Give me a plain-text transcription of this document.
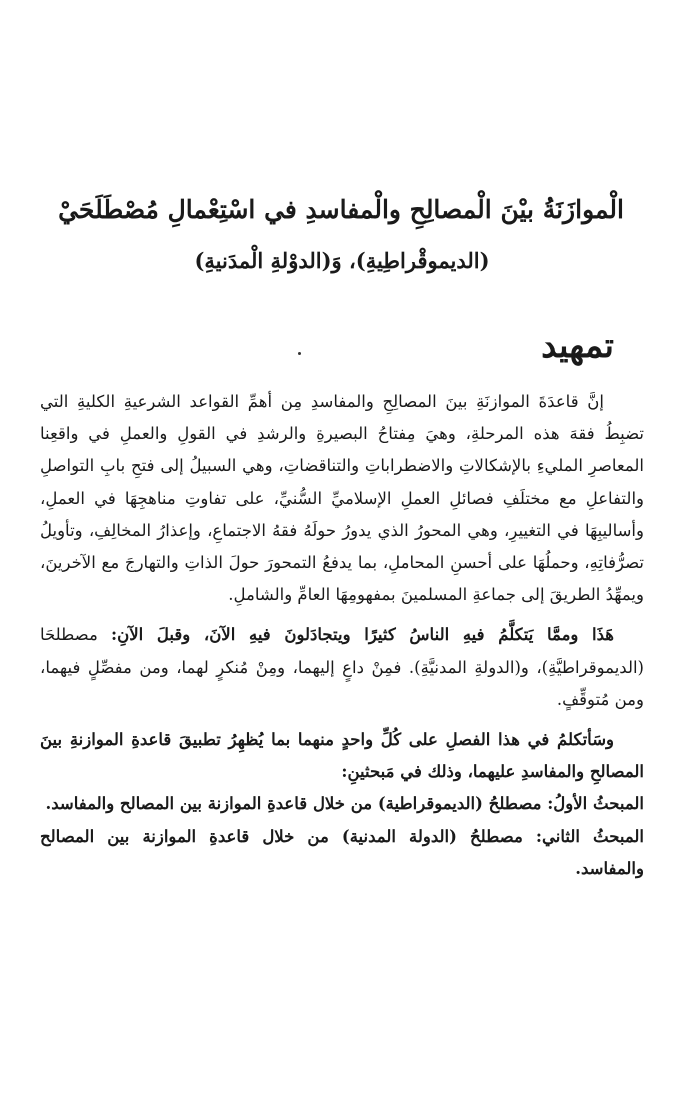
الْموازَنَةُ بيْنَ الْمصالِحِ والْمفاسدِ في اسْتِعْمالِ مُصْطَلَحَيْ
(الديموقْراطِيةِ)، وَ(الدوْلةِ الْمدَنيةِ)
تمهيد

إنَّ قاعدَةَ الموازنَةِ بينَ المصالِحِ والمفاسدِ مِن أهمِّ القواعد الشرعيةِ الكليةِ التي تضبِطُ فقهَ هذه المرحلةِ، وهيَ مِفتاحُ البصيرةِ والرشدِ في القولِ والعملِ في واقعِنا المعاصرِ المليءِ بالإشكالاتِ والاضطراباتِ والتناقضاتِ، وهي السبيلُ إلى فتحِ بابِ التواصلِ والتفاعلِ مع مختلَفِ فصائلِ العملِ الإسلاميِّ السُّنيِّ، على تفاوتِ مناهجِهَا في العملِ، وأساليبِهَا في التغييرِ، وهي المحورُ الذي يدورُ حولَهُ فقهُ الاجتماعِ، وإعذارُ المخالِفِ، وتأويلُ تصرُّفاتِهِ، وحملُهَا على أحسنِ المحاملِ، بما يدفعُ التمحورَ حولَ الذاتِ والتهارجَ مع الآخرينَ، ويمهِّدُ الطريقَ إلى جماعةِ المسلمينَ بمفهومِهَا العامِّ والشاملِ.

هَذَا وممَّا يَتكلَّمُ فيهِ الناسُ كثيرًا ويتجادَلونَ فيهِ الآنَ، وقبلَ الآنِ: مصطلحَا (الديموقراطيَّةِ)، و(الدولةِ المدنيَّةِ). فمِنْ داعٍ إليهما، ومِنْ مُنكرٍ لهما، ومن مفصِّلٍ فيهما، ومن مُتوقِّفٍ.

وسَأتكلمُ في هذا الفصلِ على كُلِّ واحدٍ منهما بما يُظهِرُ تطبيقَ قاعدةِ الموازنةِ بينَ المصالحِ والمفاسدِ عليهما، وذلك في مَبحثينِ:

المبحثُ الأولُ: مصطلحُ (الديموقراطية) من خلال قاعدةِ الموازنة بين المصالح والمفاسد.

المبحثُ الثاني: مصطلحُ (الدولة المدنية) من خلال قاعدةِ الموازنة بين المصالح والمفاسد.
